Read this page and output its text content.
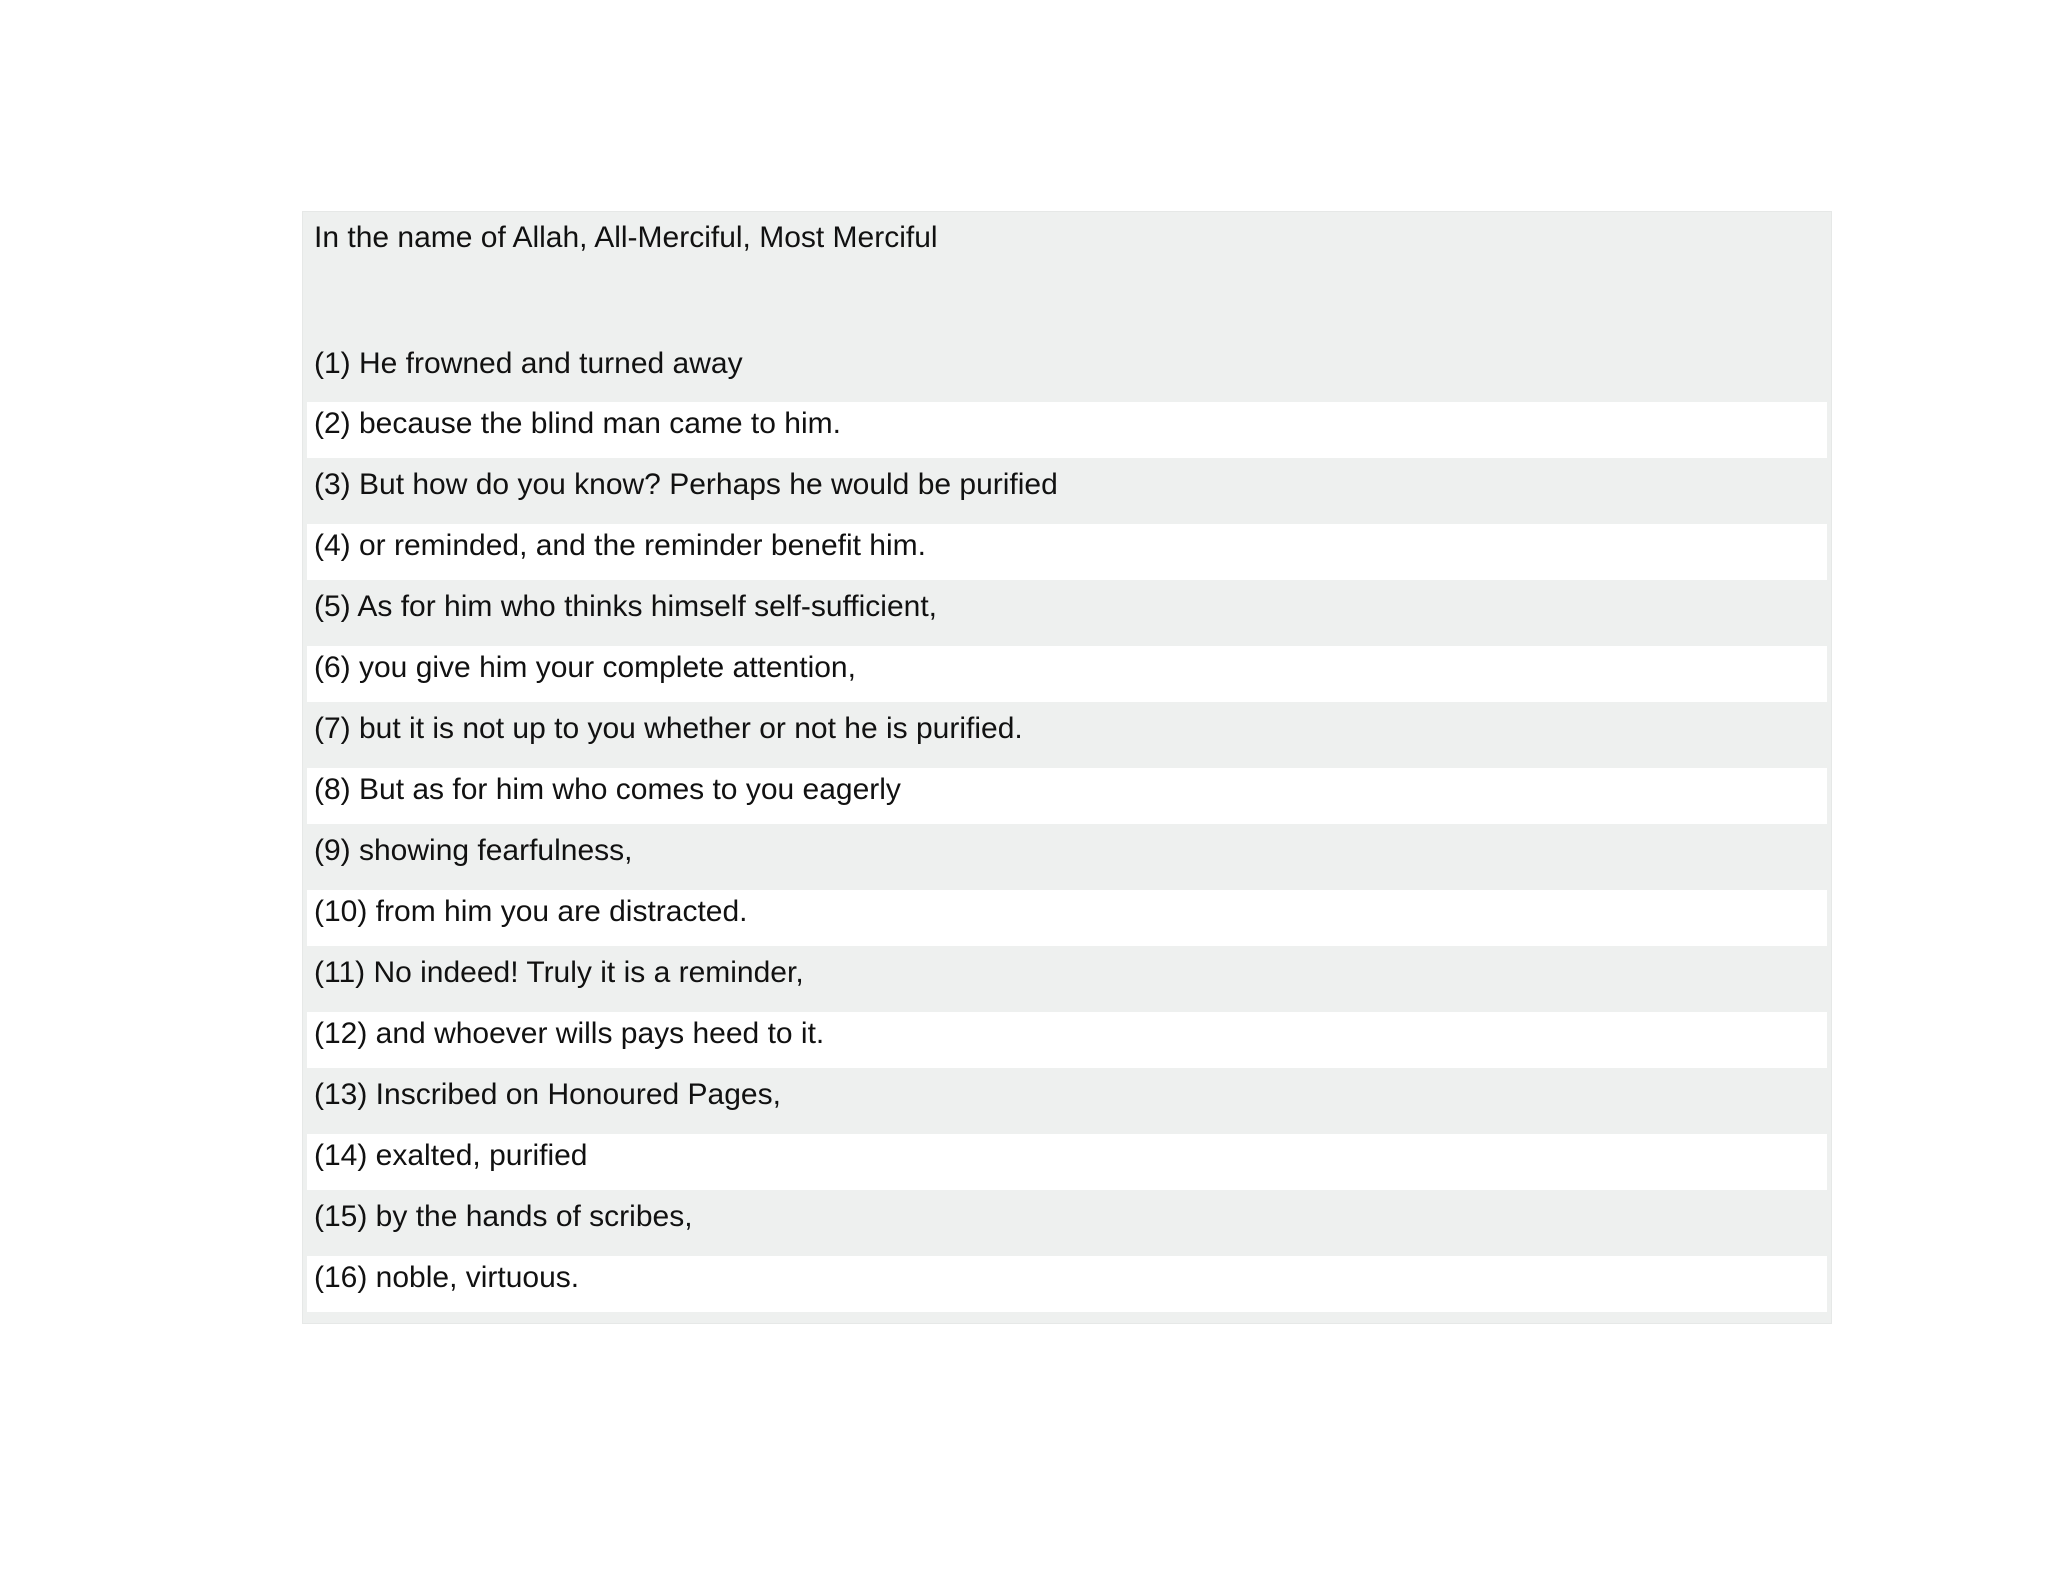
In the name of Allah, All-Merciful, Most Merciful
(1) He frowned and turned away
(2) because the blind man came to him.
(3) But how do you know? Perhaps he would be purified
(4) or reminded, and the reminder benefit him.
(5) As for him who thinks himself self-sufficient,
(6) you give him your complete attention,
(7) but it is not up to you whether or not he is purified.
(8) But as for him who comes to you eagerly
(9) showing fearfulness,
(10) from him you are distracted.
(11) No indeed! Truly it is a reminder,
(12) and whoever wills pays heed to it.
(13) Inscribed on Honoured Pages,
(14) exalted, purified
(15) by the hands of scribes,
(16) noble, virtuous.
